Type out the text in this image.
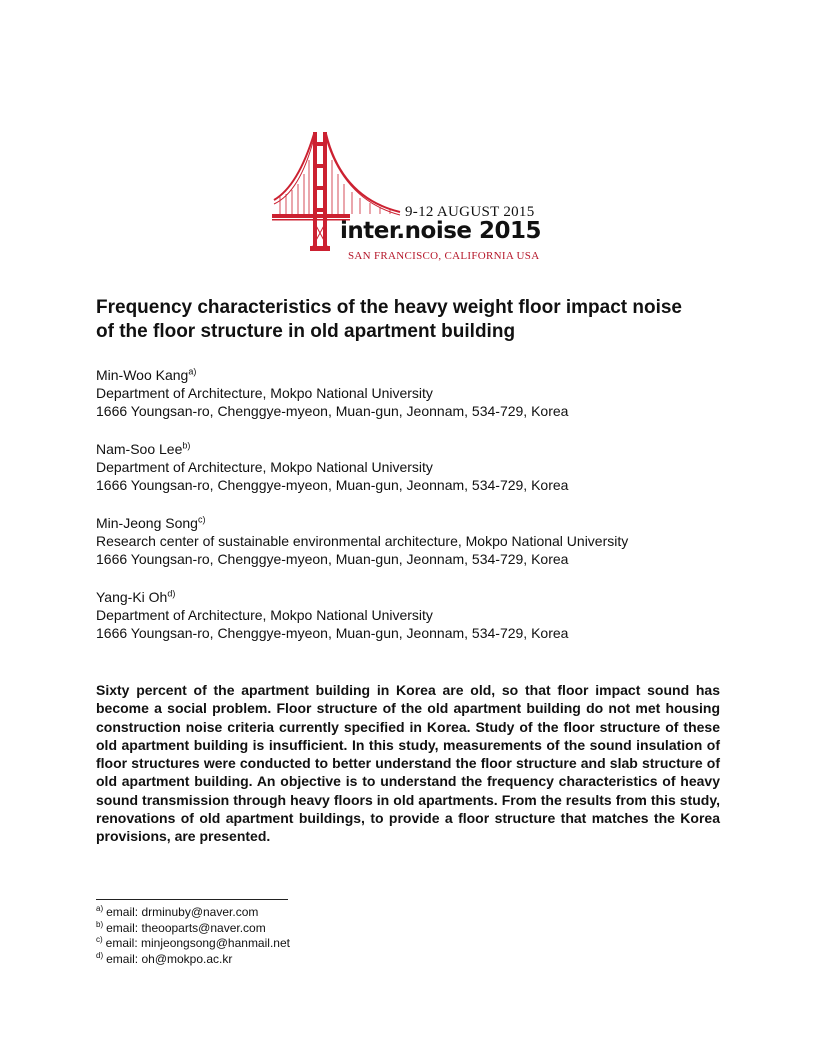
9-12 AUGUST 2015
inter.noise 2015
SAN FRANCISCO, CALIFORNIA USA
Frequency characteristics of the heavy weight floor impact noise
of the floor structure in old apartment building
Min-Woo Kang$^{a)}$
Department of Architecture, Mokpo National University
1666 Youngsan-ro, Chenggye-myeon, Muan-gun, Jeonnam, 534-729, Korea
Nam-Soo Lee$^{b)}$
Department of Architecture, Mokpo National University
1666 Youngsan-ro, Chenggye-myeon, Muan-gun, Jeonnam, 534-729, Korea
Min-Jeong Song$^{c)}$
Research center of sustainable environmental architecture, Mokpo National University
1666 Youngsan-ro, Chenggye-myeon, Muan-gun, Jeonnam, 534-729, Korea
Yang-Ki Oh$^{d)}$
Department of Architecture, Mokpo National University
1666 Youngsan-ro, Chenggye-myeon, Muan-gun, Jeonnam, 534-729, Korea
Sixty percent of the apartment building in Korea are old, so that floor impact sound has become a social problem. Floor structure of the old apartment building do not met housing construction noise criteria currently specified in Korea. Study of the floor structure of these old apartment building is insufficient. In this study, measurements of the sound insulation of floor structures were conducted to better understand the floor structure and slab structure of old apartment building. An objective is to understand the frequency characteristics of heavy sound transmission through heavy floors in old apartments. From the results from this study, renovations of old apartment buildings, to provide a floor structure that matches the Korea provisions, are presented.
$^{a)}$ email: drminuby@naver.com
$^{b)}$ email: theooparts@naver.com
$^{c)}$ email: minjeongsong@hanmail.net
$^{d)}$ email: oh@mokpo.ac.kr
